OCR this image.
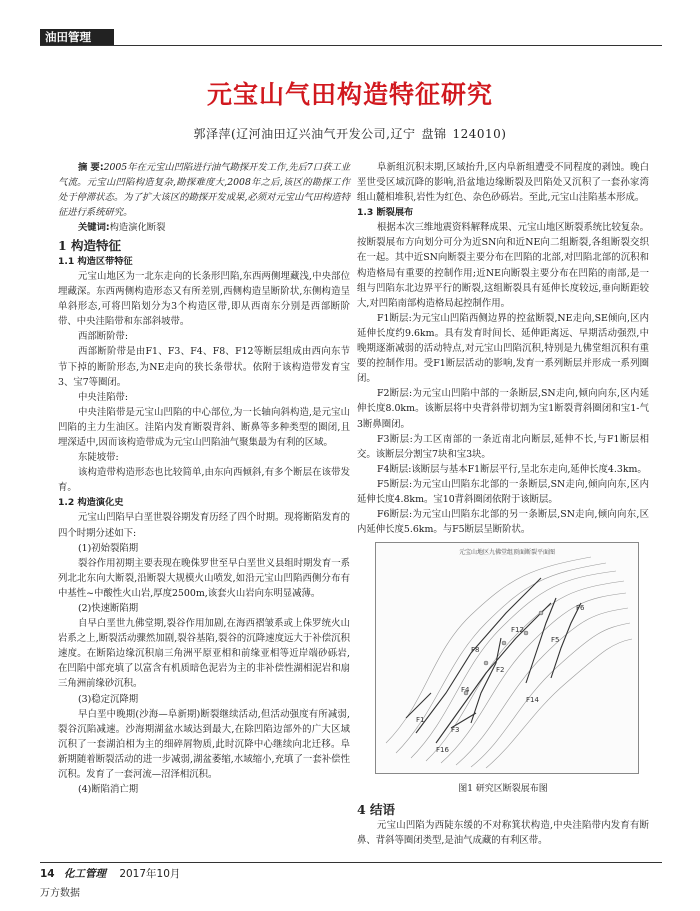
油田管理
元宝山气田构造特征研究
郭泽萍(辽河油田辽兴油气开发公司,辽宁 盘锦 124010)

摘 要:2005年在元宝山凹陷进行油气勘探开发工作,先后7口获工业气流。元宝山凹陷构造复杂,勘探难度大,2008年之后,该区的勘探工作处于停滞状态。为了扩大该区的勘探开发成果,必须对元宝山气田构造特征进行系统研究。

关键词:构造演化断裂

1 构造特征
1.1 构造区带特征

元宝山地区为一北东走向的长条形凹陷,东西两侧埋藏浅,中央部位埋藏深。东西两侧构造形态又有所差别,西侧构造呈断阶状,东侧构造呈单斜形态,可将凹陷划分为3个构造区带,即从西南东分别是西部断阶带、中央洼陷带和东部斜坡带。

西部断阶带:

西部断阶带是由F1、F3、F4、F8、F12等断层组成由西向东节节下掉的断阶形态,为NE走向的狭长条带状。依附于该构造带发育宝3、宝7等圈闭。

中央洼陷带:

中央洼陷带是元宝山凹陷的中心部位,为一长轴向斜构造,是元宝山凹陷的主力生油区。洼陷内发育断裂背斜、断鼻等多种类型的圈闭,且埋深适中,因而该构造带成为元宝山凹陷油气聚集最为有利的区域。

东陡坡带:

该构造带构造形态也比较简单,由东向西倾斜,有多个断层在该带发育。

1.2 构造演化史

元宝山凹陷早白垩世裂谷期发育历经了四个时期。现将断陷发育的四个时期分述如下:

(1)初始裂陷期

裂谷作用初期主要表现在晚侏罗世至早白垩世义县组时期发育一系列北北东向大断裂,沿断裂大规模火山喷发,如沿元宝山凹陷西侧分布有中基性~中酸性火山岩,厚度2500m,该套火山岩向东明显减薄。

(2)快速断陷期

自早白垩世九佛堂期,裂谷作用加剧,在海西褶皱系或上侏罗统火山岩系之上,断裂活动骤然加剧,裂谷基陷,裂谷的沉降速度远大于补偿沉积速度。在断陷边缘沉积扇三角洲平原亚相和前缘亚相等近岸端砂砾岩,在凹陷中部充填了以富含有机质暗色泥岩为主的非补偿性湖相泥岩和扇三角洲前缘砂沉积。

(3)稳定沉降期

早白垩中晚期(沙海—阜新期)断裂继续活动,但活动强度有所减弱,裂谷沉陷减速。沙海期湖盆水域达到最大,在除凹陷边部外的广大区域沉积了一套湖泊相为主的细碎屑物质,此时沉降中心继续向北迁移。阜新期随着断裂活动的进一步减弱,湖盆萎缩,水域缩小,充填了一套补偿性沉积。发育了一套河流—沼泽相沉积。

(4)断陷消亡期

阜新组沉积末期,区域抬升,区内阜新组遭受不同程度的剥蚀。晚白垩世受区域沉降的影响,沿盆地边缘断裂及凹陷处又沉积了一套孙家湾组山麓相堆积,岩性为红色、杂色砂砾岩。至此,元宝山洼陷基本形成。

1.3 断裂展布

根据本次三维地震资料解释成果、元宝山地区断裂系统比较复杂。按断裂展布方向划分可分为近SN向和近NE向二组断裂,各组断裂交织在一起。其中近SN向断裂主要分布在凹陷的北部,对凹陷北部的沉积和构造格局有重要的控制作用;近NE向断裂主要分布在凹陷的南部,是一组与凹陷东北边界平行的断裂,这组断裂具有延伸长度较远,垂向断距较大,对凹陷南部构造格局起控制作用。

F1断层:为元宝山凹陷西侧边界的控盆断裂,NE走向,SE倾向,区内延伸长度约9.6km。具有发育时间长、延伸距离远、早期活动强烈,中晚期逐渐减弱的活动特点,对元宝山凹陷沉积,特别是九佛堂组沉积有重要的控制作用。受F1断层活动的影响,发育一系列断层并形成一系列圈闭。

F2断层:为元宝山凹陷中部的一条断层,SN走向,倾向向东,区内延伸长度8.0km。该断层将中央背斜带切割为宝1断裂背斜圈闭和宝1-气3断鼻圈闭。

F3断层:为工区南部的一条近南北向断层,延伸不长,与F1断层相交。该断层分割宝7块和宝3块。

F4断层:该断层与基本F1断层平行,呈北东走向,延伸长度4.3km。

F5断层:为元宝山凹陷东北部的一条断层,SN走向,倾向向东,区内延伸长度4.8km。宝10背斜圈闭依附于该断层。

F6断层:为元宝山凹陷东北部的另一条断层,SN走向,倾向向东,区内延伸长度5.6km。与F5断层呈断阶状。

元宝山地区九佛堂组顶面断裂平面图
F6
F5
F2
F1
F3
F4
F8
F12
F14
F16
图1 研究区断裂展布图
4 结语

元宝山凹陷为西陡东缓的不对称箕状构造,中央洼陷带内发育有断鼻、背斜等圈闭类型,是油气成藏的有利区带。

14 化工管理 2017年10月
万方数据
